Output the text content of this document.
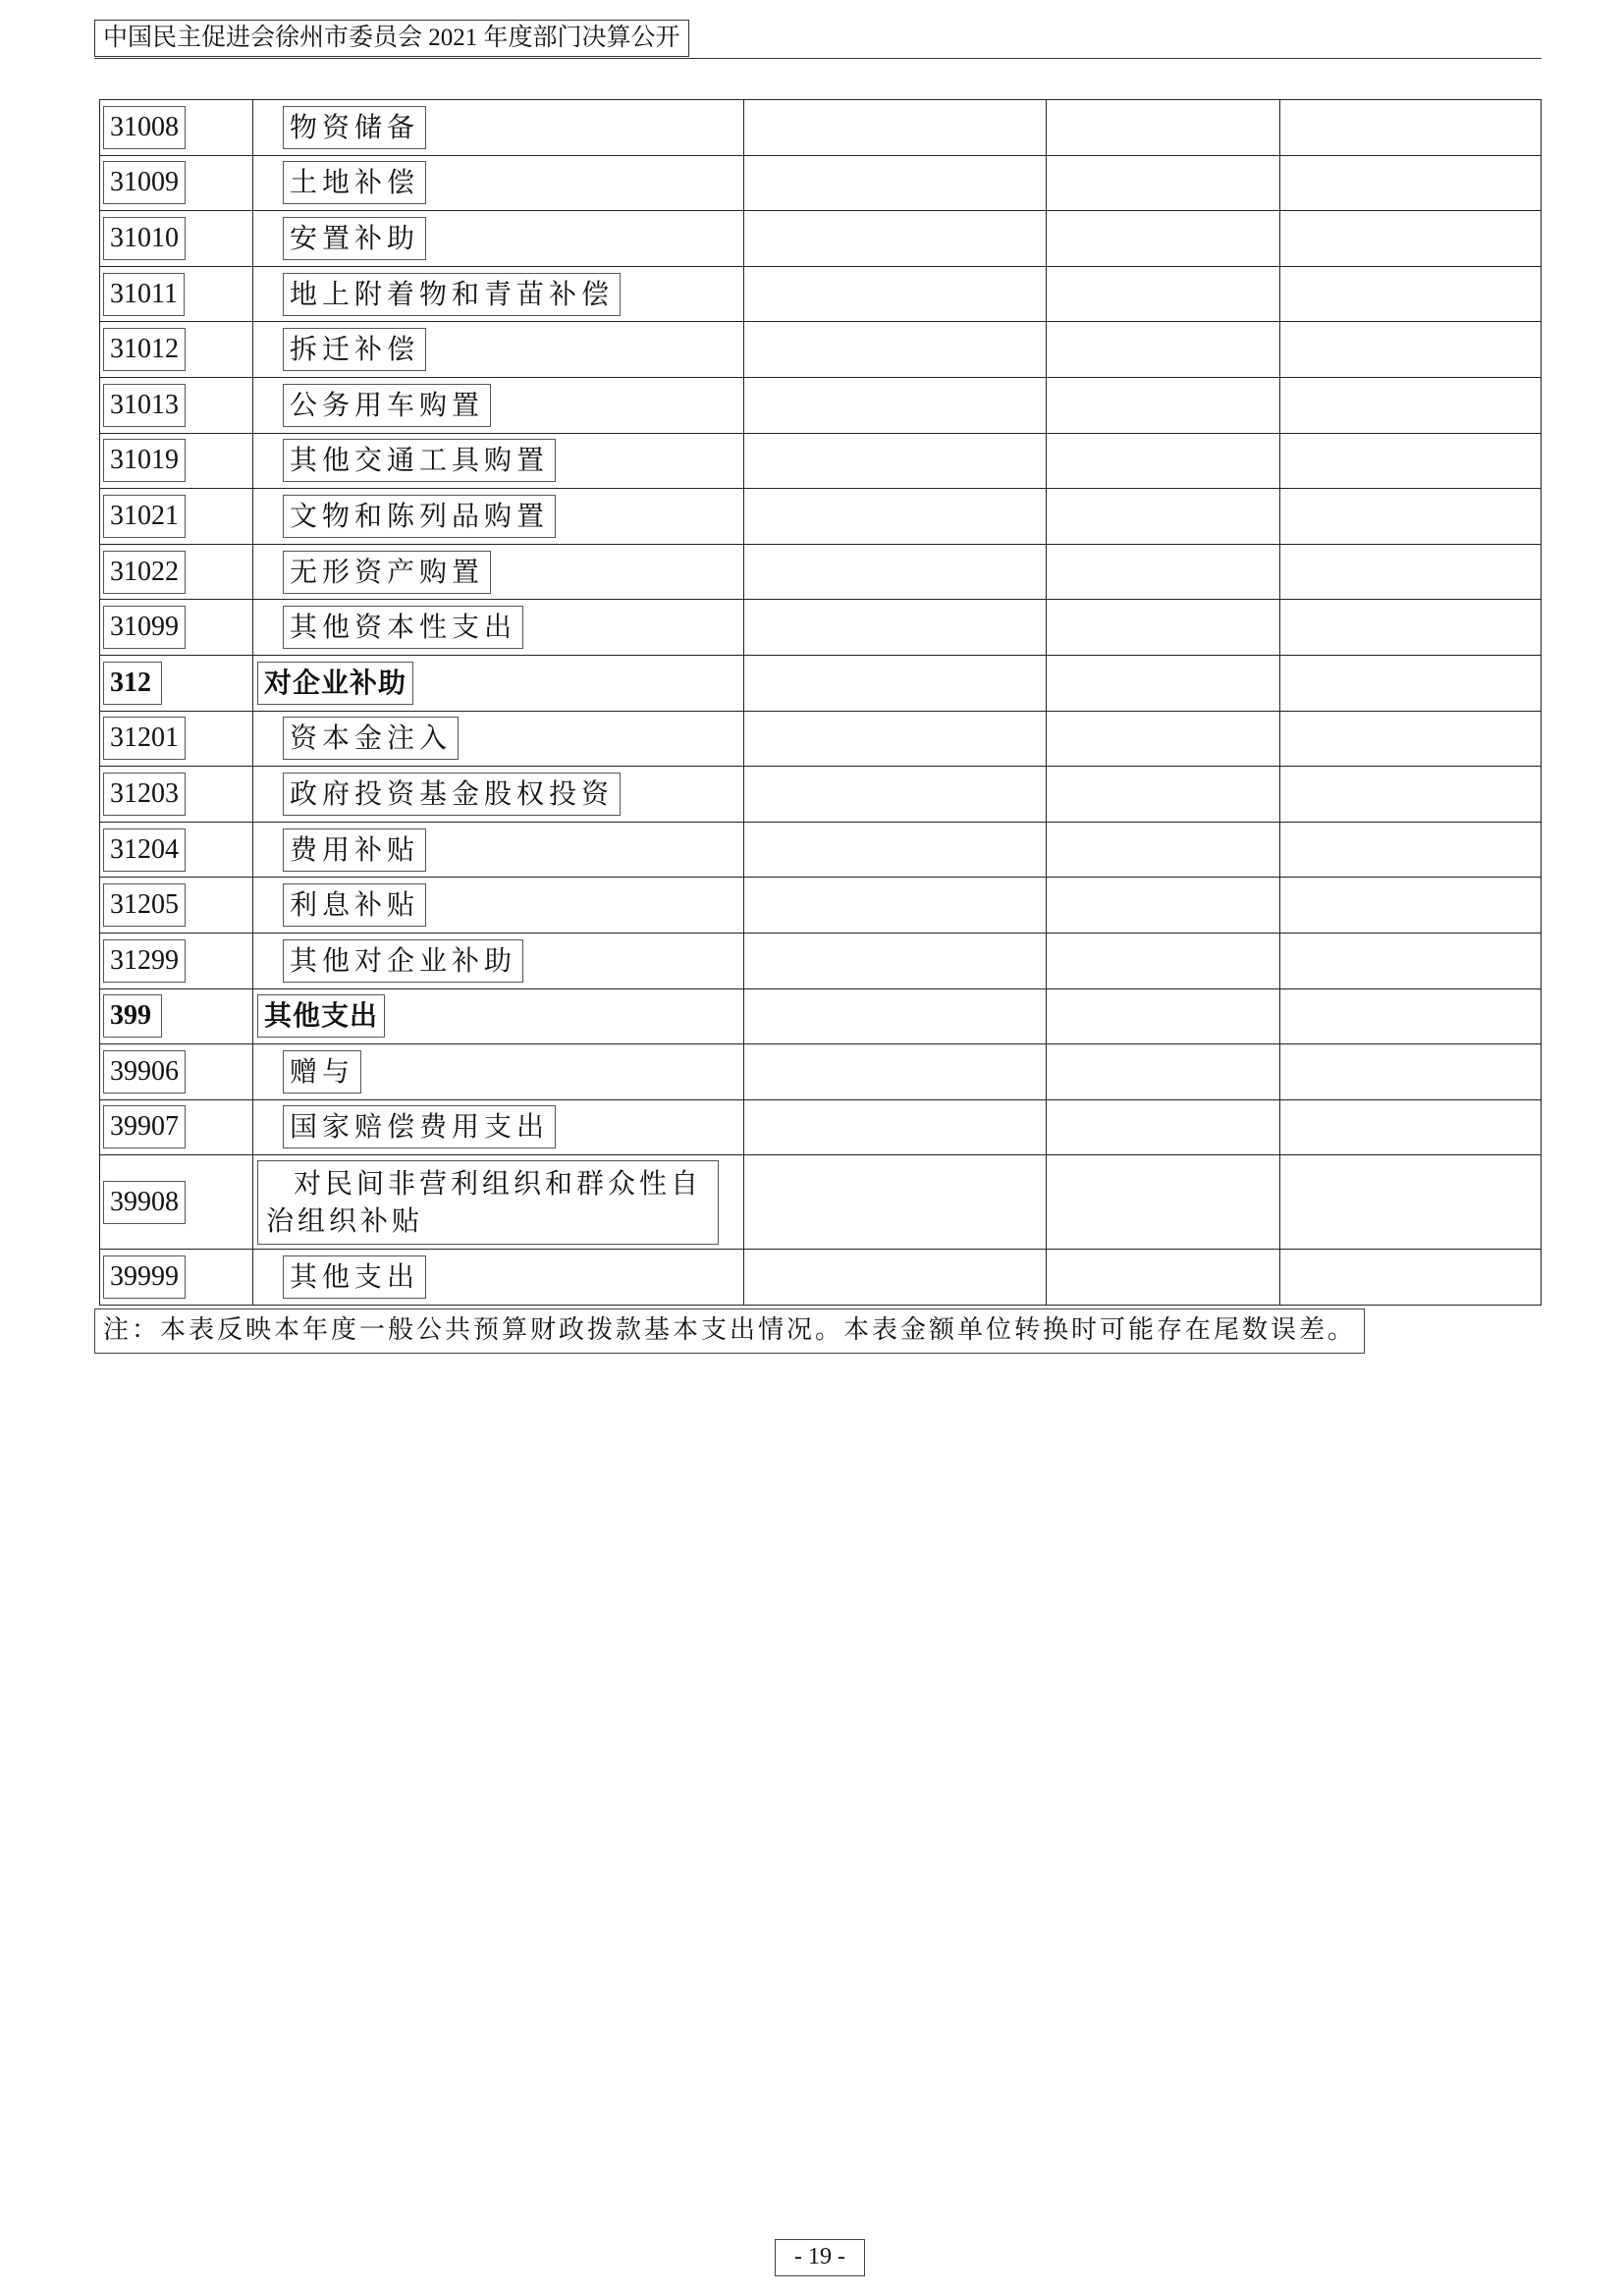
中国民主促进会徐州市委员会 2021 年度部门决算公开
31008	物资储备			
31009	土地补偿			
31010	安置补助			
31011	地上附着物和青苗补偿			
31012	拆迁补偿			
31013	公务用车购置			
31019	其他交通工具购置			
31021	文物和陈列品购置			
31022	无形资产购置			
31099	其他资本性支出			
312	对企业补助			
31201	资本金注入			
31203	政府投资基金股权投资			
31204	费用补贴			
31205	利息补贴			
31299	其他对企业补助			
399	其他支出			
39906	赠与			
39907	国家赔偿费用支出			
39908	对民间非营利组织和群众性自治组织补贴			
39999	其他支出			
注：本表反映本年度一般公共预算财政拨款基本支出情况。本表金额单位转换时可能存在尾数误差。
- 19 -
